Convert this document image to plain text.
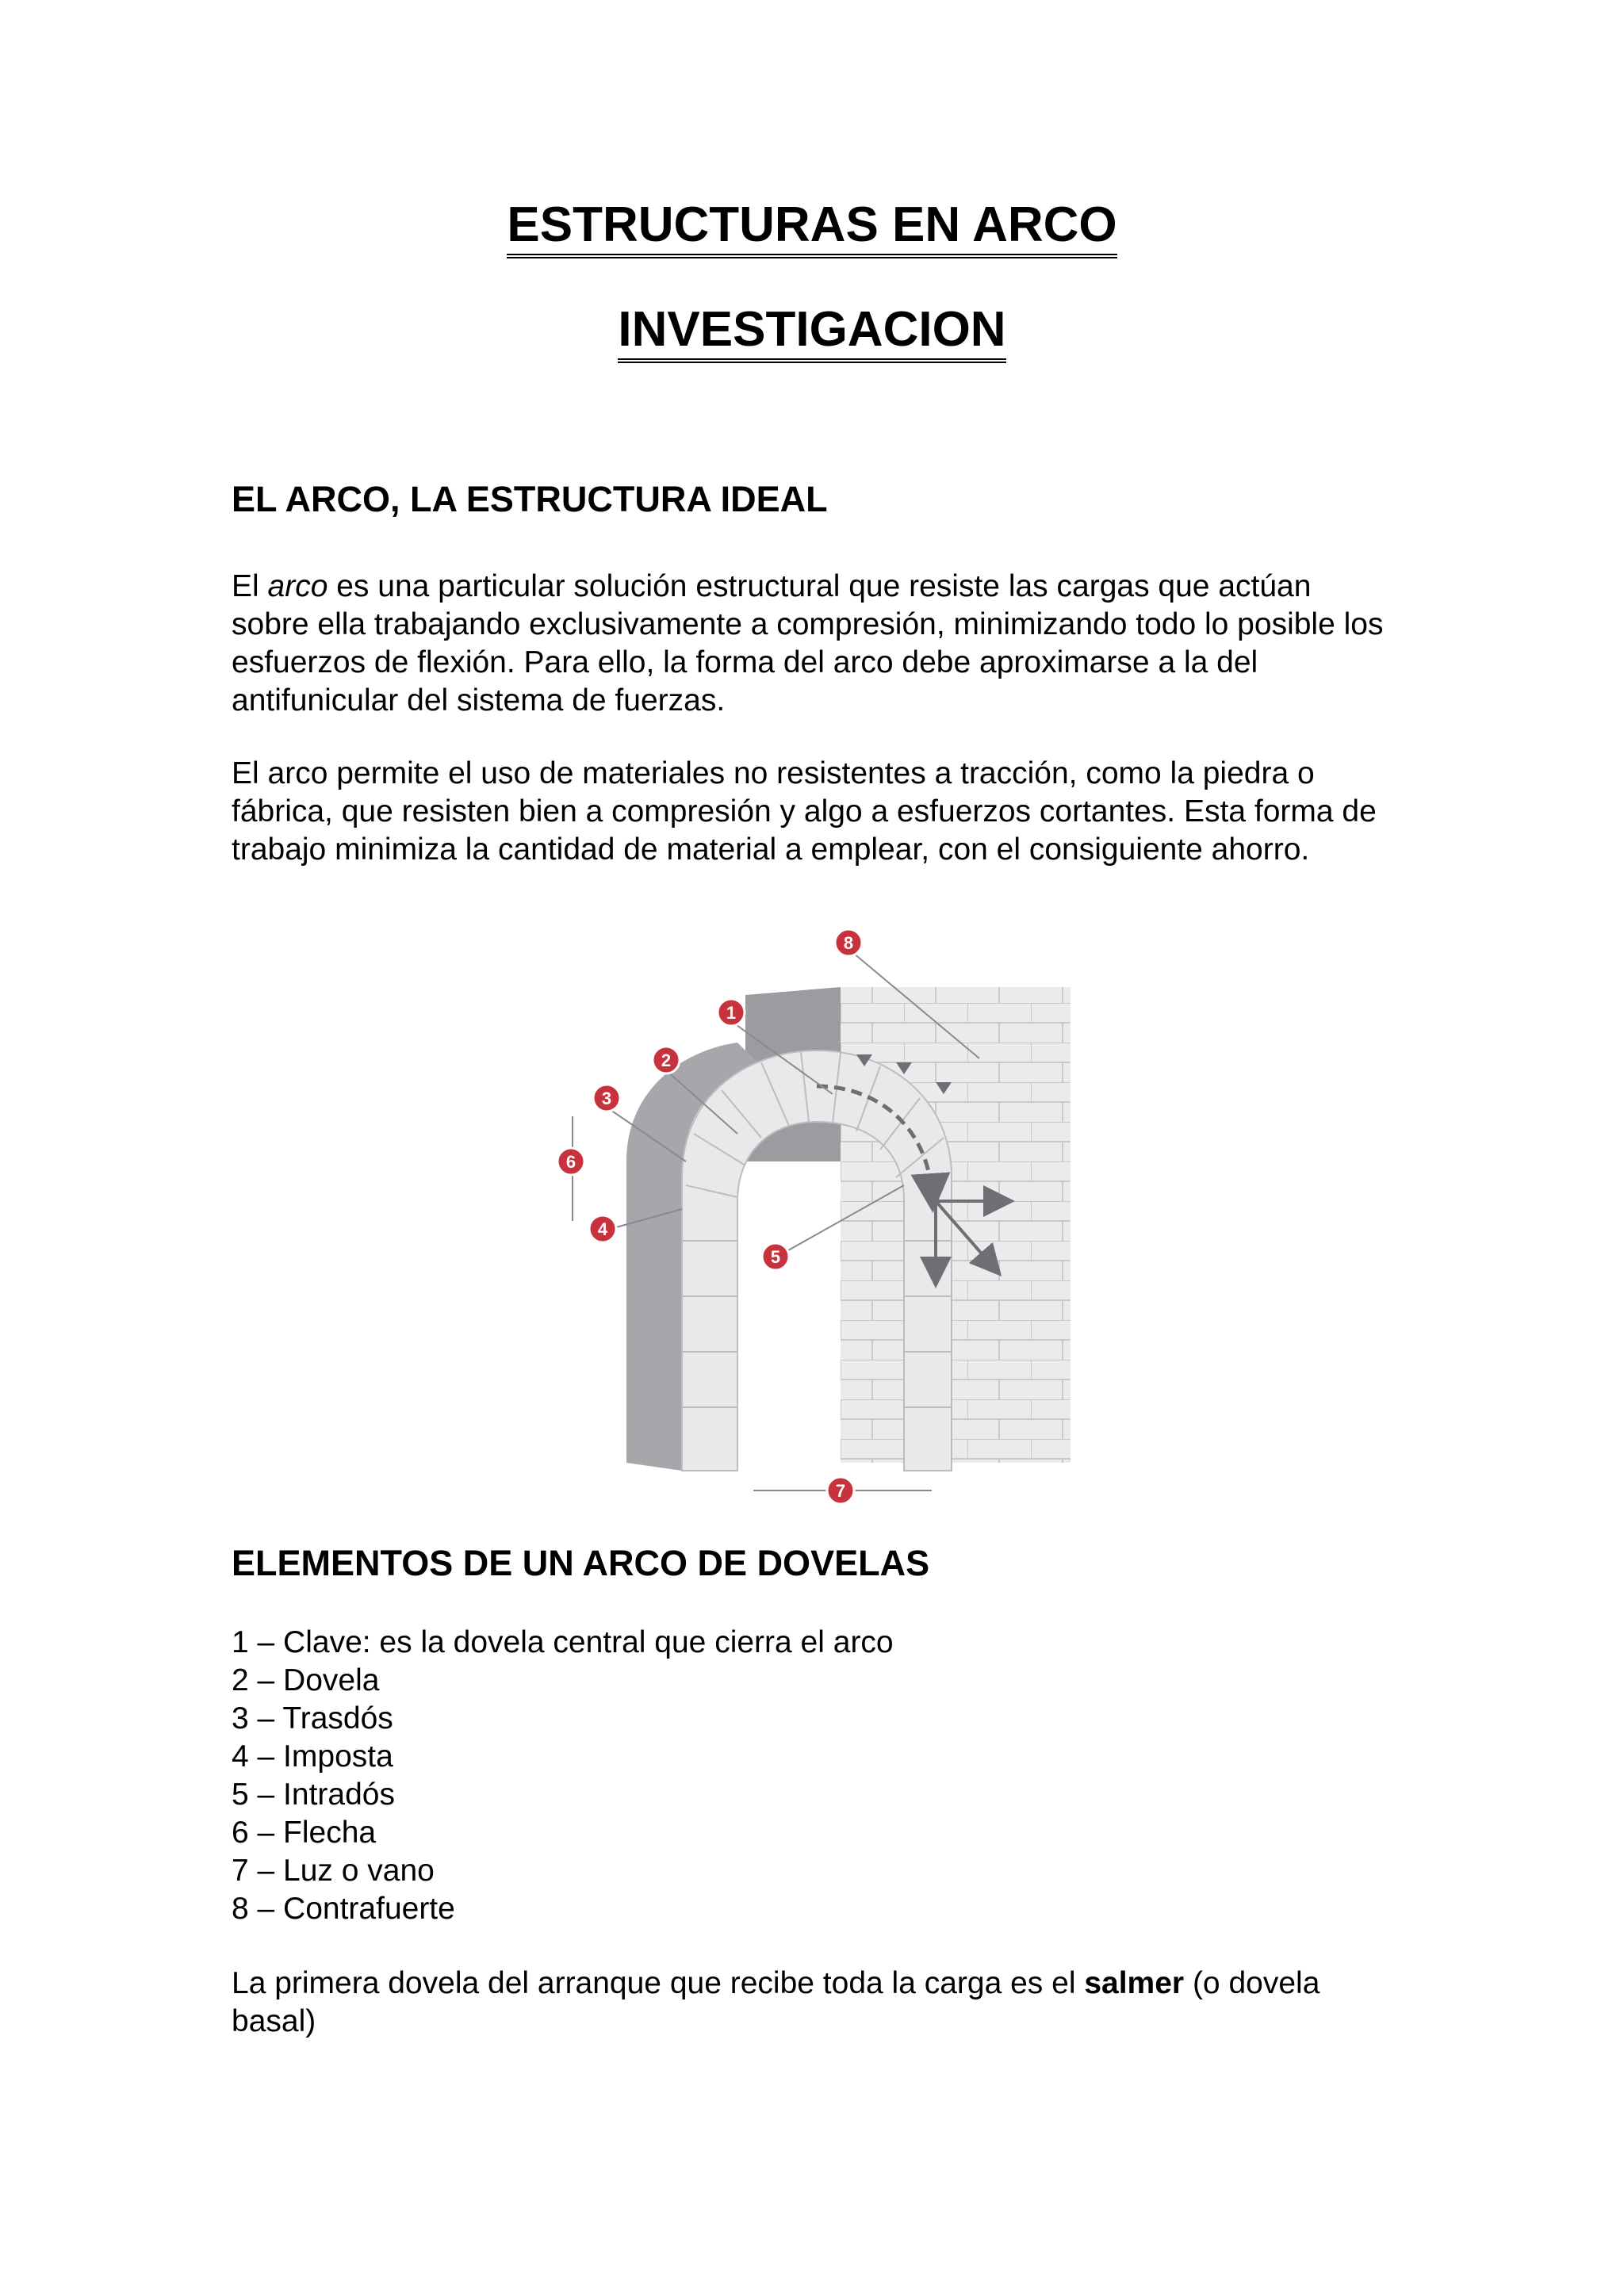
ESTRUCTURAS EN ARCO
INVESTIGACION
EL ARCO, LA ESTRUCTURA IDEAL

El arco es una particular solución estructural que resiste las cargas que actúan sobre ella trabajando exclusivamente a compresión, minimizando todo lo posible los esfuerzos de flexión. Para ello, la forma del arco debe aproximarse a la del antifunicular del sistema de fuerzas.

El arco permite el uso de materiales no resistentes a tracción, como la piedra o fábrica, que resisten bien a compresión y algo a esfuerzos cortantes. Esta forma de trabajo minimiza la cantidad de material a emplear, con el consiguiente ahorro.

1
2
3
4
5
6
7
8
ELEMENTOS DE UN ARCO DE DOVELAS
1 – Clave: es la dovela central que cierra el arco
2 – Dovela
3 – Trasdós
4 – Imposta
5 – Intradós
6 – Flecha
7 – Luz o vano
8 – Contrafuerte

La primera dovela del arranque que recibe toda la carga es el salmer (o dovela basal)
